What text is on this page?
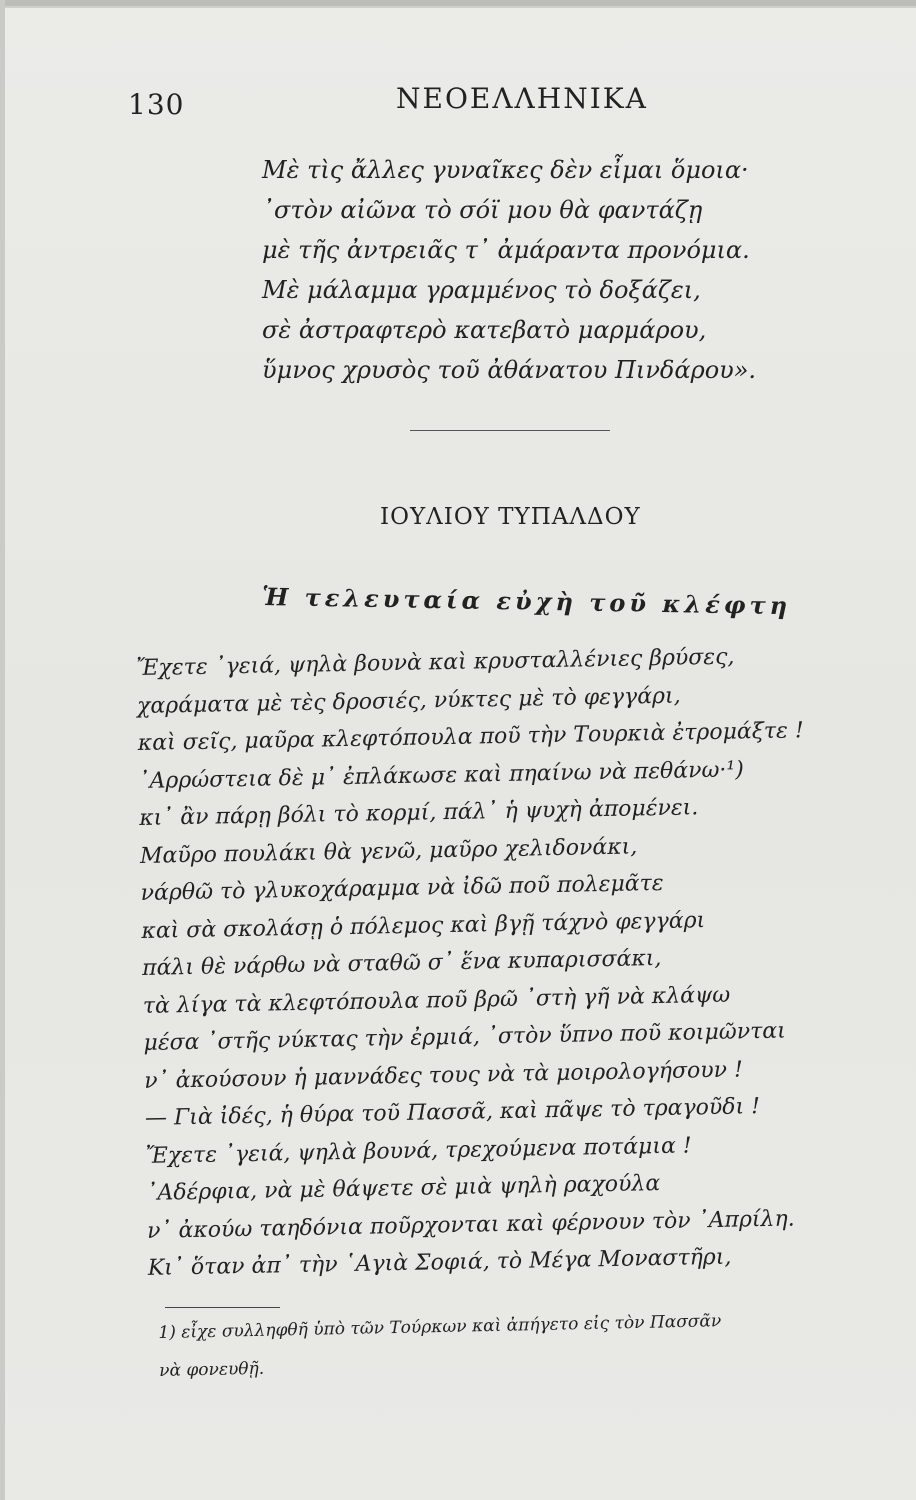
130	ΝΕΟΕΛΛΗΝΙΚΑ
Μὲ τὶς ἄλλες γυναῖκες δὲν εἶμαι ὅμοια·
᾿στὸν αἰῶνα τὸ σόϊ μου θὰ φαντάζῃ
μὲ τῆς ἀντρειᾶς τ᾿ ἀμάραντα προνόμια.
Μὲ μάλαμμα γραμμένος τὸ δοξάζει,
σὲ ἀστραφτερὸ κατεβατὸ μαρμάρου,
ὕμνος χρυσὸς τοῦ ἀθάνατου Πινδάρου».
ΙΟΥΛΙΟΥ ΤΥΠΑΛΔΟΥ
Ἡ τελευταία εὐχὴ τοῦ κλέφτη
Ἔχετε ᾿γειά, ψηλὰ βουνὰ καὶ κρυσταλλένιες βρύσες,
χαράματα μὲ τὲς δροσιές, νύκτες μὲ τὸ φεγγάρι,
καὶ σεῖς, μαῦρα κλεφτόπουλα ποῦ τὴν Τουρκιὰ ἐτρομάξτε !
᾿Αρρώστεια δὲ μ᾿ ἐπλάκωσε καὶ πηαίνω νὰ πεθάνω·¹)
κι᾿ ἂν πάρῃ βόλι τὸ κορμί, πάλ᾿ ἡ ψυχὴ ἀπομένει.
Μαῦρο πουλάκι θὰ γενῶ, μαῦρο χελιδονάκι,
νάρθῶ τὸ γλυκοχάραμμα νὰ ἰδῶ ποῦ πολεμᾶτε
καὶ σὰ σκολάσῃ ὁ πόλεμος καὶ βγῇ τάχνὸ φεγγάρι
πάλι θὲ νάρθω νὰ σταθῶ σ᾿ ἕνα κυπαρισσάκι,
τὰ λίγα τὰ κλεφτόπουλα ποῦ βρῶ ᾿στὴ γῆ νὰ κλάψω
μέσα ᾿στῆς νύκτας τὴν ἐρμιά, ᾿στὸν ὕπνο ποῦ κοιμῶνται
ν᾿ ἀκούσουν ἡ μαννάδες τους νὰ τὰ μοιρολογήσουν !
— Γιὰ ἰδές, ἡ θύρα τοῦ Πασσᾶ, καὶ πᾶψε τὸ τραγοῦδι !
Ἔχετε ᾿γειά, ψηλὰ βουνά, τρεχούμενα ποτάμια !
᾿Αδέρφια, νὰ μὲ θάψετε σὲ μιὰ ψηλὴ ραχούλα
ν᾿ ἀκούω ταηδόνια ποῦρχονται καὶ φέρνουν τὸν ᾿Απρίλη.
Κι᾿ ὅταν ἀπ᾿ τὴν ῾Αγιὰ Σοφιά, τὸ Μέγα Μοναστῆρι,
1) εἶχε συλληφθῆ ὑπὸ τῶν Τούρκων καὶ ἀπήγετο εἰς τὸν Πασσᾶν
νὰ φονευθῇ.
